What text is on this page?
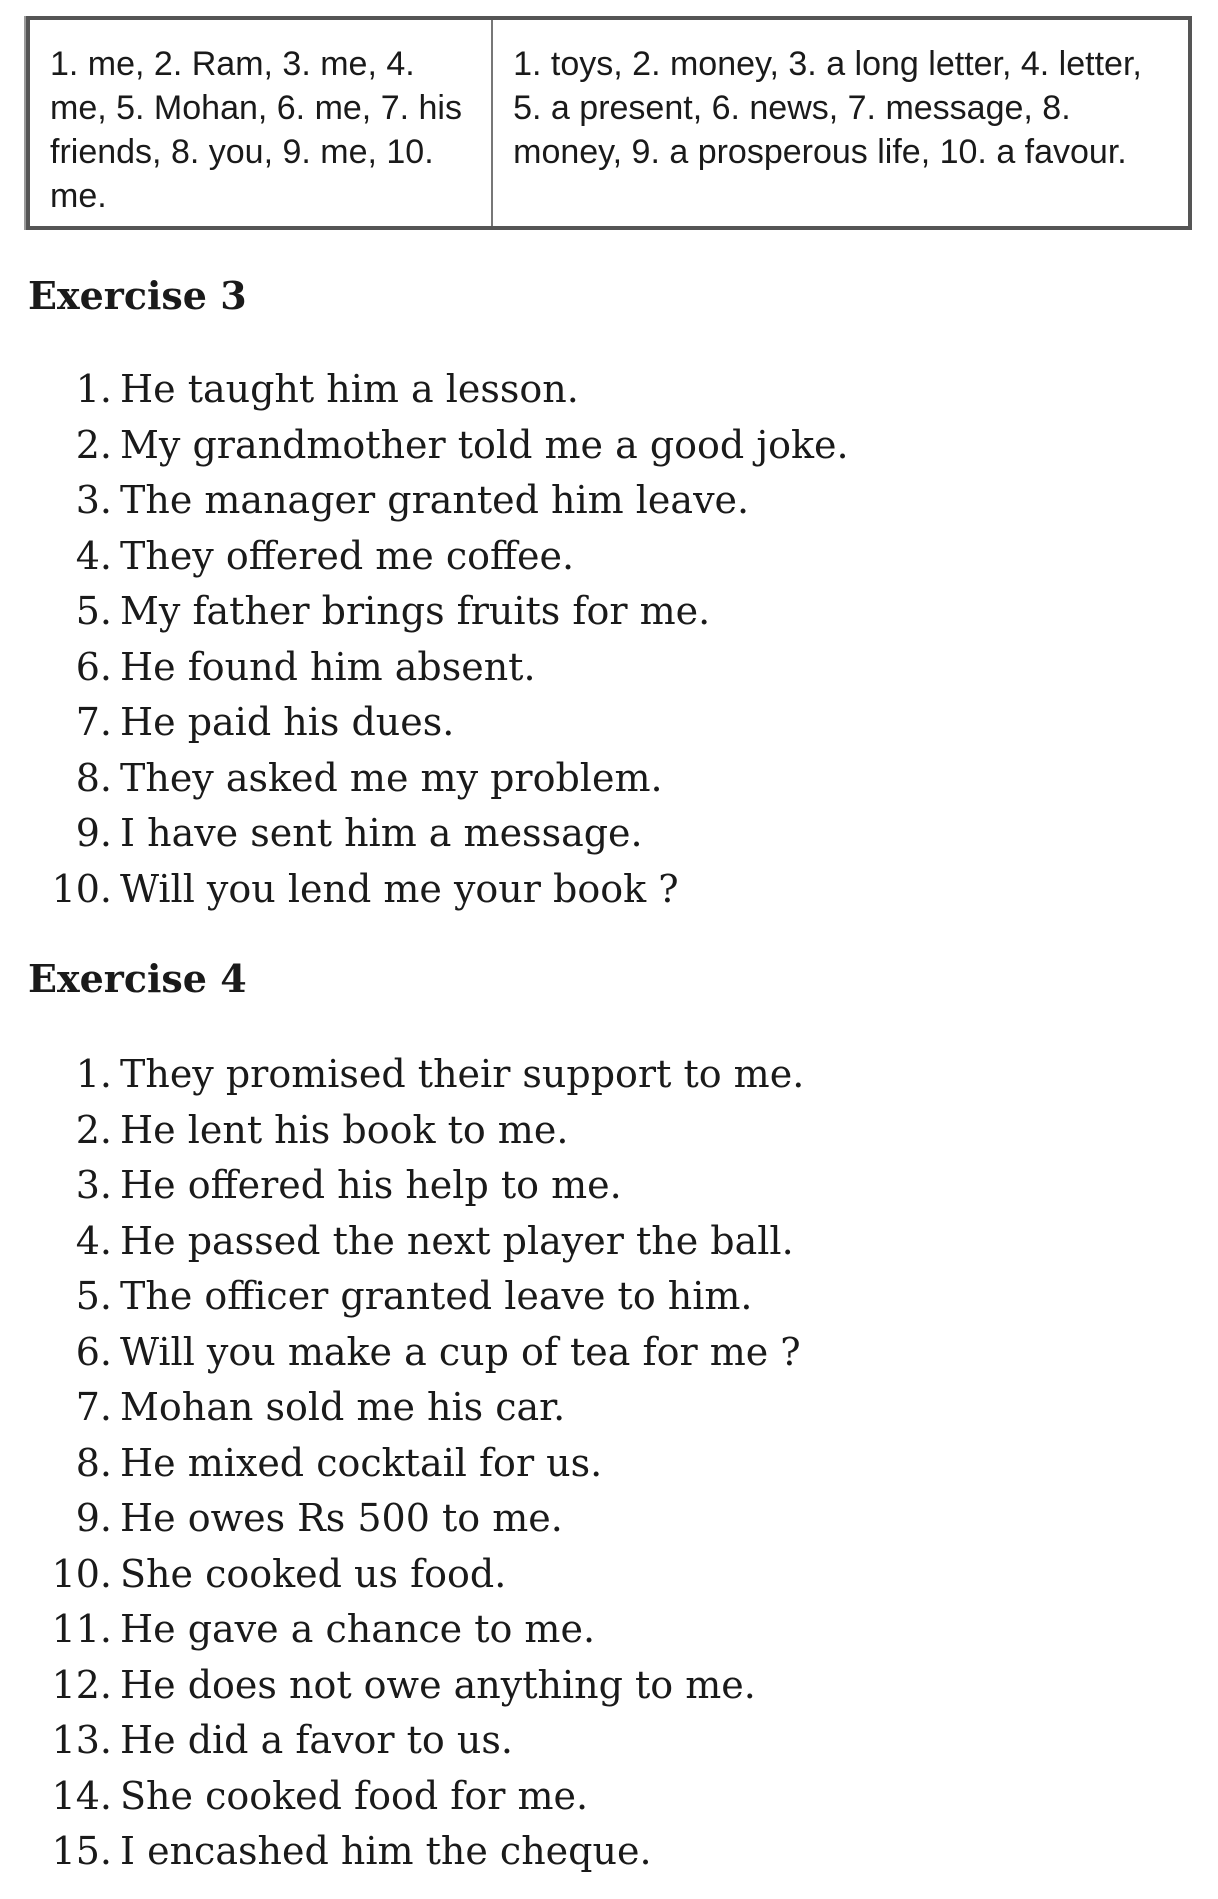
1. me, 2. Ram, 3. me, 4. me, 5. Mohan, 6. me, 7. his friends, 8. you, 9. me, 10. me.	1. toys, 2. money, 3. a long letter, 4. letter, 5. a present, 6. news, 7. message, 8. money, 9. a prosperous life, 10. a favour.
Exercise 3
1. He taught him a lesson.
2. My grandmother told me a good joke.
3. The manager granted him leave.
4. They offered me coffee.
5. My father brings fruits for me.
6. He found him absent.
7. He paid his dues.
8. They asked me my problem.
9. I have sent him a message.
10. Will you lend me your book ?
Exercise 4
1. They promised their support to me.
2. He lent his book to me.
3. He offered his help to me.
4. He passed the next player the ball.
5. The officer granted leave to him.
6. Will you make a cup of tea for me ?
7. Mohan sold me his car.
8. He mixed cocktail for us.
9. He owes Rs 500 to me.
10. She cooked us food.
11. He gave a chance to me.
12. He does not owe anything to me.
13. He did a favor to us.
14. She cooked food for me.
15. I encashed him the cheque.
